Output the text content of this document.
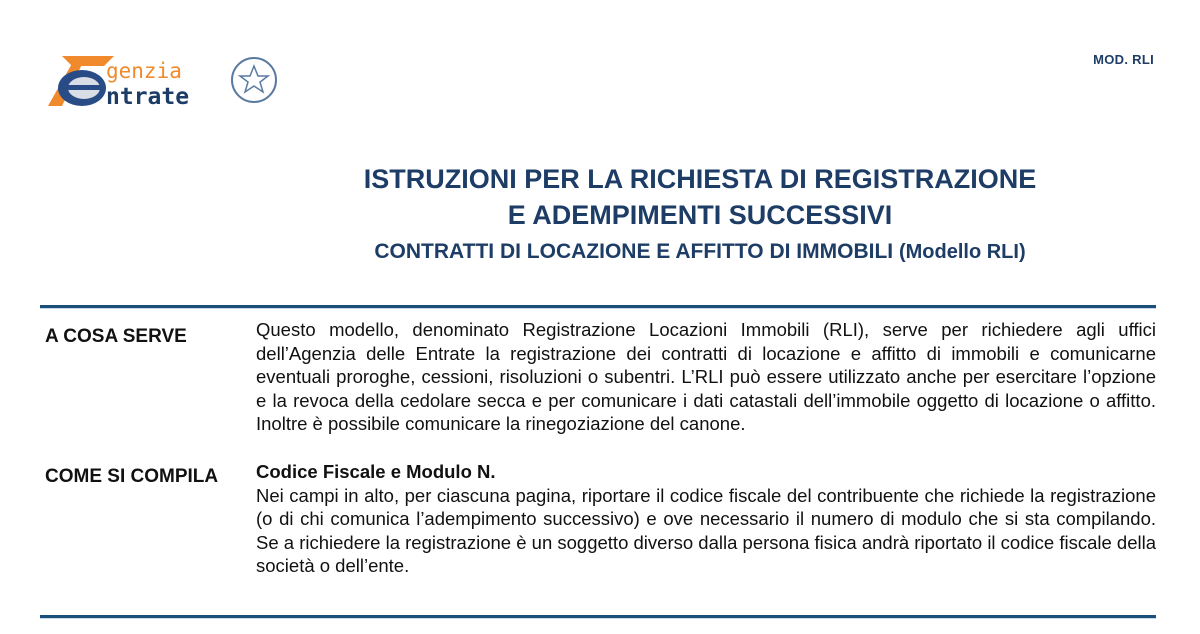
genzia
ntrate
MOD. RLI
ISTRUZIONI PER LA RICHIESTA DI REGISTRAZIONE
E ADEMPIMENTI SUCCESSIVI
CONTRATTI DI LOCAZIONE E AFFITTO DI IMMOBILI (Modello RLI)
A COSA SERVE	Questo modello, denominato Registrazione Locazioni Immobili (RLI), serve per richiedere agli uffici dell’Agenzia delle Entrate la registrazione dei contratti di locazione e affitto di immobili e comunicarne eventuali proroghe, cessioni, risoluzioni o subentri. L’RLI può essere utilizzato anche per esercitare l’opzione e la revoca della cedolare secca e per comunicare i dati catastali dell’immobile oggetto di locazione o affitto. Inoltre è possibile comunicare la rinegoziazione del canone.

COME SI COMPILA Codice Fiscale e Modulo N.

Nei campi in alto, per ciascuna pagina, riportare il codice fiscale del contribuente che richiede la registrazione (o di chi comunica l’adempimento successivo) e ove necessario il numero di modulo che si sta compilando. Se a richiedere la registrazione è un soggetto diverso dalla persona fisica andrà riportato il codice fiscale della società o dell’ente.
